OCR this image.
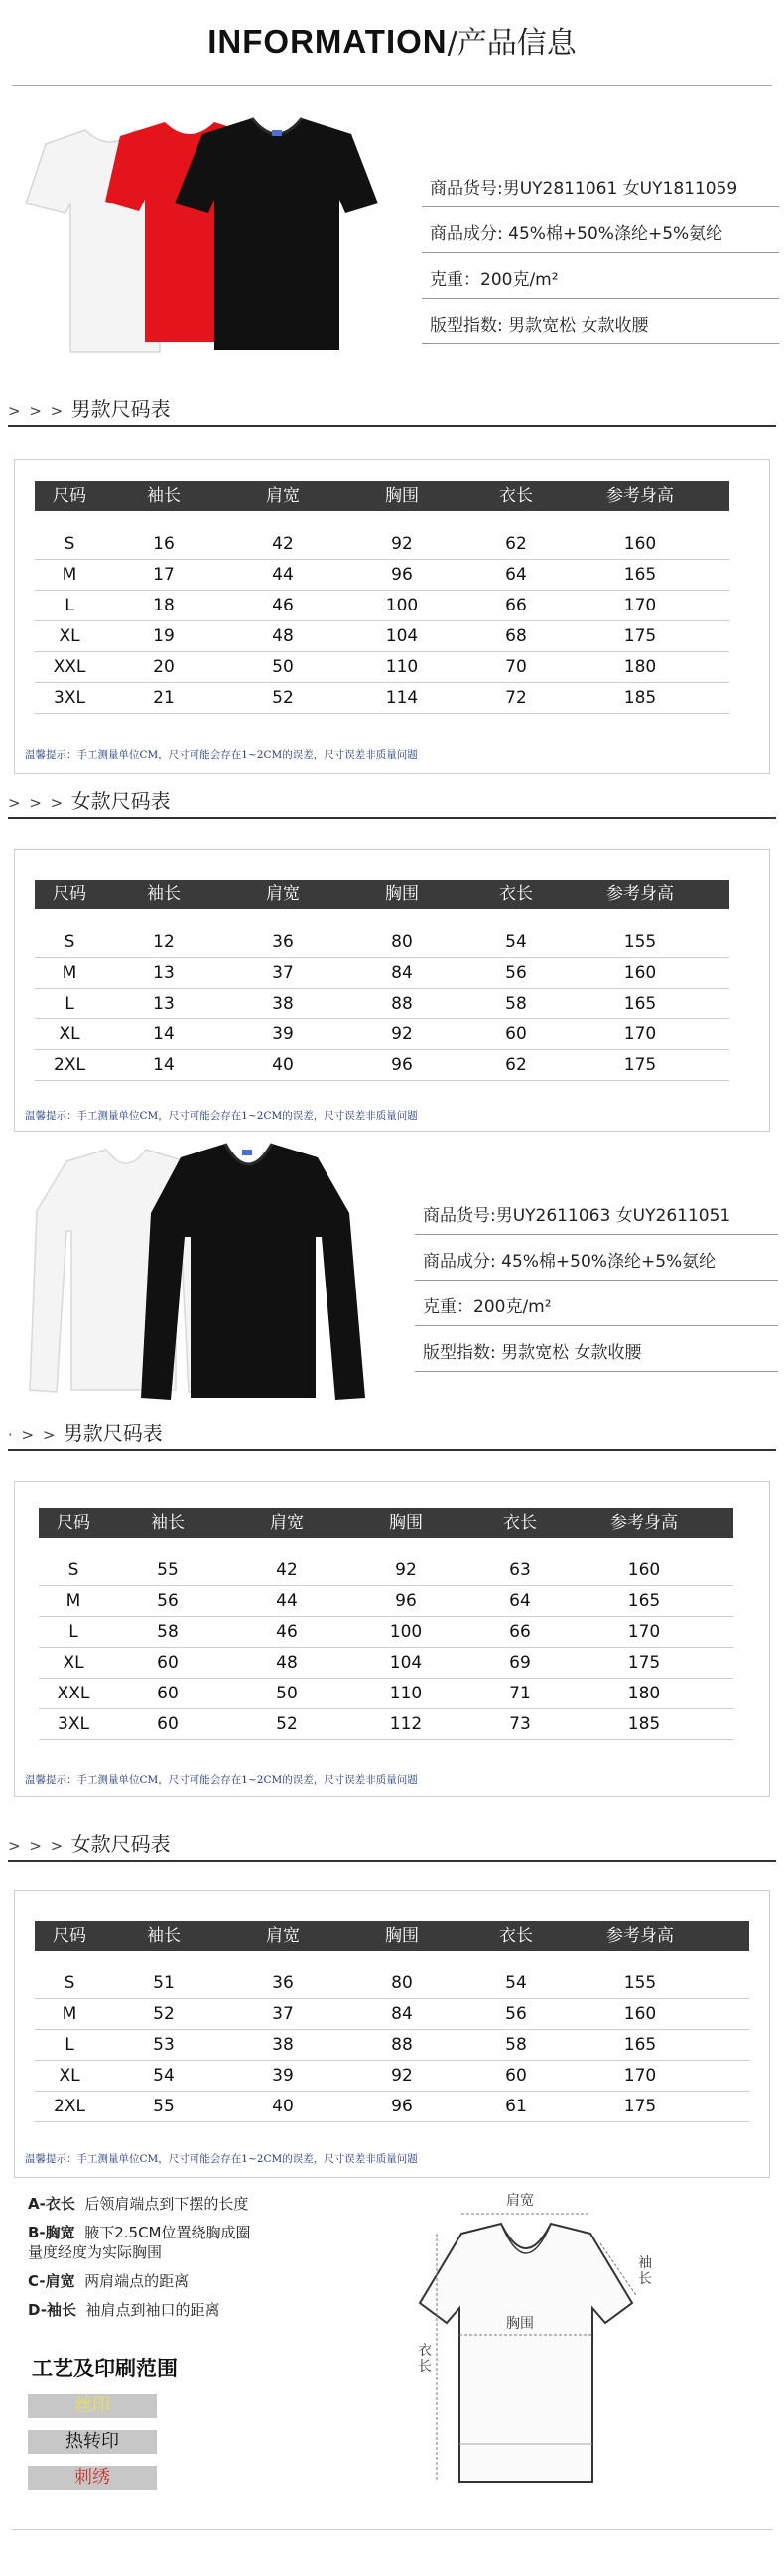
INFORMATION/产品信息
商品货号:男UY2811061 女UY1811059
商品成分: 45%棉+50%涤纶+5%氨纶
克重：200克/m²
版型指数: 男款宽松 女款收腰
> > > 男款尺码表
尺码	袖长	肩宽	胸围	衣长	参考身高
S	16	42	92	62	160
M	17	44	96	64	165
L	18	46	100	66	170
XL	19	48	104	68	175
XXL	20	50	110	70	180
3XL	21	52	114	72	185
温馨提示：手工测量单位CM，尺寸可能会存在1~2CM的误差，尺寸误差非质量问题
> > > 女款尺码表
尺码	袖长	肩宽	胸围	衣长	参考身高
S	12	36	80	54	155
M	13	37	84	56	160
L	13	38	88	58	165
XL	14	39	92	60	170
2XL	14	40	96	62	175
温馨提示：手工测量单位CM，尺寸可能会存在1~2CM的误差，尺寸误差非质量问题
商品货号:男UY2611063 女UY2611051
商品成分: 45%棉+50%涤纶+5%氨纶
克重：200克/m²
版型指数: 男款宽松 女款收腰
· > > 男款尺码表
尺码	袖长	肩宽	胸围	衣长	参考身高
S	55	42	92	63	160
M	56	44	96	64	165
L	58	46	100	66	170
XL	60	48	104	69	175
XXL	60	50	110	71	180
3XL	60	52	112	73	185
温馨提示：手工测量单位CM，尺寸可能会存在1~2CM的误差，尺寸误差非质量问题
> > > 女款尺码表
尺码	袖长	肩宽	胸围	衣长	参考身高
S	51	36	80	54	155
M	52	37	84	56	160
L	53	38	88	58	165
XL	54	39	92	60	170
2XL	55	40	96	61	175
温馨提示：手工测量单位CM，尺寸可能会存在1~2CM的误差，尺寸误差非质量问题
A-衣长 后领肩端点到下摆的长度
B-胸宽 腋下2.5CM位置绕胸成圈
量度经度为实际胸围
C-肩宽 两肩端点的距离
D-袖长 袖肩点到袖口的距离
工艺及印刷范围
丝印
热转印
刺绣
肩宽
袖长
胸围
衣长
